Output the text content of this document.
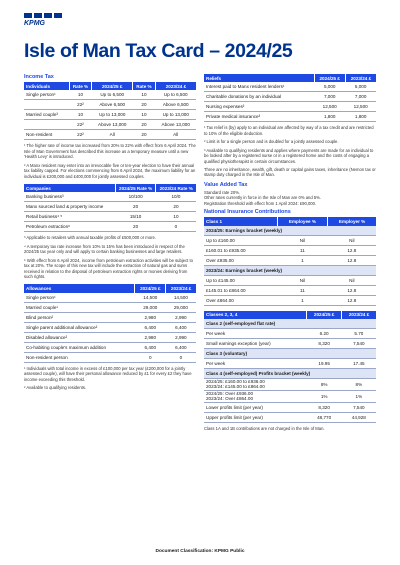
KPMG
Isle of Man Tax Card – 2024/25
Income Tax
Individuals	Rate %	2024/25 £	Rate %	2023/24 £
Single person¹	10	Up to 6,500	10	Up to 6,500
	22²	Above 6,500	20	Above 6,500
Married couple³	10	Up to 13,000	10	Up to 13,000
	22²	Above 13,000	20	Above 13,000
Non-resident	22²	All	20	All

¹ The higher rate of income tax increased from 20% to 22% with effect from 6 April 2024. The Isle of Man Government has described this increase as a temporary measure until a new 'Health Levy' is introduced.

² A Manx resident may enter into an irrevocable five or ten-year election to have their annual tax liability capped. For elections commencing from 6 April 2024, the maximum liability for an individual is £200,000 and £400,000 for jointly assessed couples.

Companies	2024/25 Rate %	2023/24 Rate %
Banking business³	10/100	10/0
Manx sourced land & property income	20	20
Retail business⁴ ⁵	15/10	10
Petroleum extraction⁶	20	0

³ Applicable to retailers with annual taxable profits of £500,000 or more.

⁴ A temporary tax rate increase from 10% to 15% has been introduced in respect of the 2024/25 tax year only and will apply to certain banking businesses and large retailers.

⁵ With effect from 6 April 2024, income from petroleum extraction activities will be subject to tax at 20%. The scope of this new tax will include the extraction of natural gas and sums received in relation to the disposal of petroleum extraction rights or monies deriving from such rights.

Allowances	2024/25 £	2023/24 £
Single person¹	14,500	14,500
Married couple¹	29,000	29,000
Blind person²	2,980	2,990
Single parent additional allowance²	6,400	6,400
Disabled allowance²	2,980	2,990
Co-habiting couple's maximum addition	6,400	6,400
Non-resident person	0	0

¹ Individuals with total income in excess of £100,000 per tax year (£200,000 for a jointly assessed couple), will have their personal allowance reduced by £1 for every £2 they have income exceeding this threshold.

² Available to qualifying residents.

Reliefs	2024/25 £	2023/24 £
Interest paid to Manx resident lenders¹	5,000	5,000
Charitable donations by an individual	7,000	7,000
Nursing expenses²	12,500	12,500
Private medical insurance³	1,800	1,800

¹ Tax relief is (by) apply to an individual are affected by way of a tax credit and are restricted to 10% of the eligible deduction.

² Limit is for a single person and is doubled for a jointly assessed couple.

³ Available to qualifying residents and applies where payments are made for an individual to be looked after by a registered nurse or in a registered home and the costs of engaging a qualified physiotherapist in certain circumstances.

Three are no inheritance, wealth, gift, death or capital gains taxes, inheritance (Nemon tax or stamp duty charged in the Isle of Man.

Value Added Tax

Standard rate 20%.

Other rates currently in force in the Isle of Man are 0% and 5%.

Registration threshold with effect from 1 April 2024: £90,000.

National Insurance Contributions
Class 1	Employee %	Employer %
2024/25: Earnings bracket (weekly)		
Up to £160.00	Nil	Nil
£160.01 to £935.00	11	12.8
Over £935.00	1	12.8
2023/24: Earnings bracket (weekly)		
Up to £145.00	Nil	Nil
£145.01 to £864.00	11	12.8
Over £864.00	1	12.8
Classes 2, 3, 4	2024/25 £	2023/24 £
Class 2 (self-employed flat rate)		
Per week	6.20	5.70
Small earnings exception (year)	8,320	7,540
Class 3 (voluntary)		
Per week	19.95	17.45
Class 4 (self-employed) Profits bracket (weekly)		
2024/25: £160.00 to £936.00
2023/24: £145.00 to £864.00	8%	8%
2024/25: Over £936.00
2023/24: Over £864.00	1%	1%
Lower profits limit (per year)	8,320	7,540
Upper profits limit (per year)	48,770	44,928
Class 1A and 1B contributions are not charged in the Isle of Man.
Document Classification: KPMG Public
